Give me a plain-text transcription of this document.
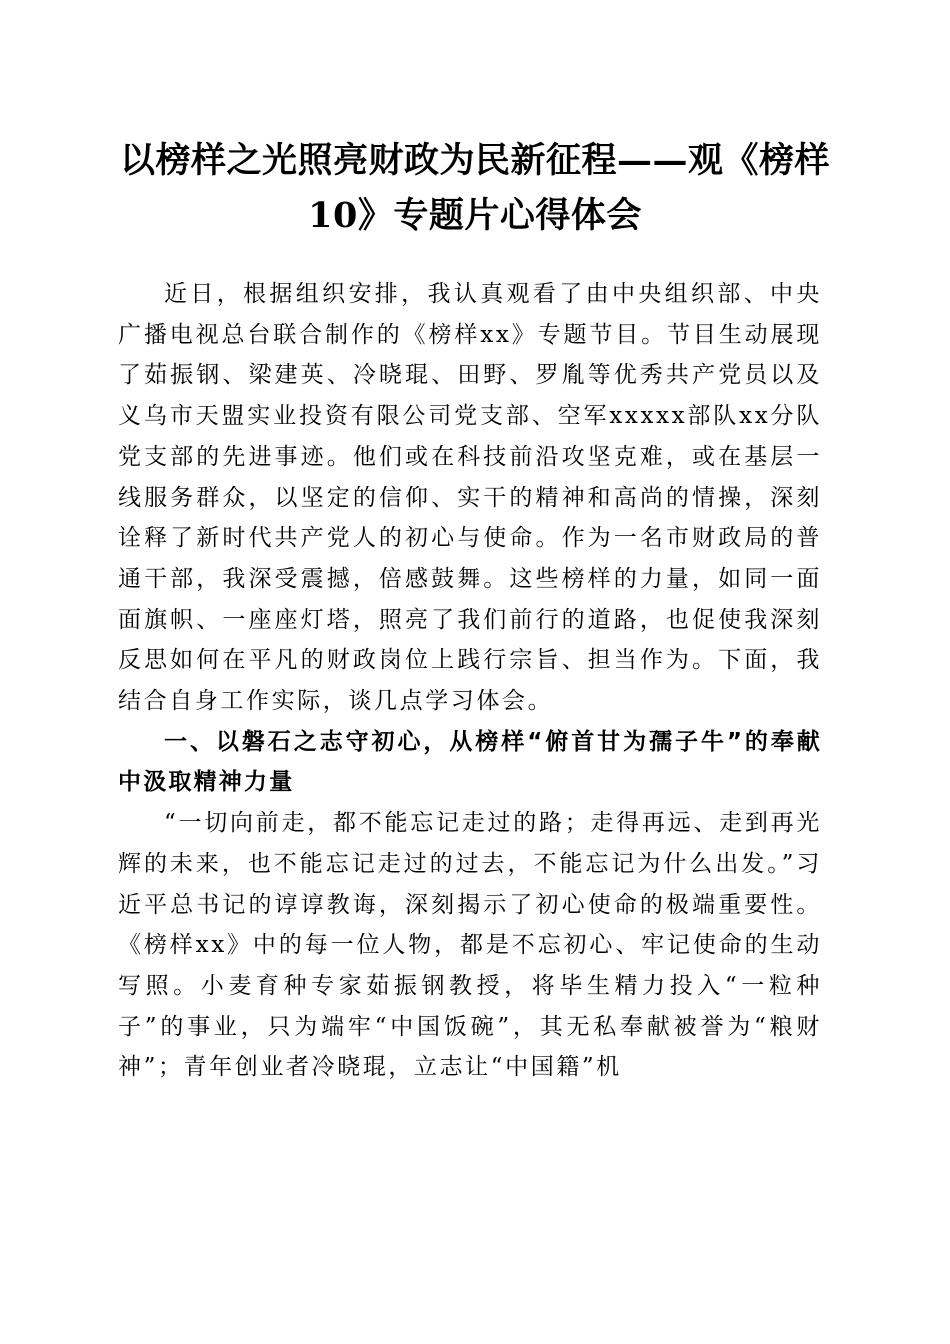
以榜样之光照亮财政为民新征程——观《榜样10》专题片心得体会

近日，根据组织安排，我认真观看了由中央组织部、中央广播电视总台联合制作的《榜样xx》专题节目。节目生动展现了茹振钢、梁建英、冷晓琨、田野、罗胤等优秀共产党员以及义乌市天盟实业投资有限公司党支部、空军xxxxx部队xx分队党支部的先进事迹。他们或在科技前沿攻坚克难，或在基层一线服务群众，以坚定的信仰、实干的精神和高尚的情操，深刻诠释了新时代共产党人的初心与使命。作为一名市财政局的普通干部，我深受震撼，倍感鼓舞。这些榜样的力量，如同一面面旗帜、一座座灯塔，照亮了我们前行的道路，也促使我深刻反思如何在平凡的财政岗位上践行宗旨、担当作为。下面，我结合自身工作实际，谈几点学习体会。

一、以磐石之志守初心，从榜样“俯首甘为孺子牛”的奉献中汲取精神力量

“一切向前走，都不能忘记走过的路；走得再远、走到再光辉的未来，也不能忘记走过的过去，不能忘记为什么出发。”习近平总书记的谆谆教诲，深刻揭示了初心使命的极端重要性。《榜样xx》中的每一位人物，都是不忘初心、牢记使命的生动写照。小麦育种专家茹振钢教授，将毕生精力投入“一粒种子”的事业，只为端牢“中国饭碗”，其无私奉献被誉为“粮财神”；青年创业者冷晓琨，立志让“中国籍”机
